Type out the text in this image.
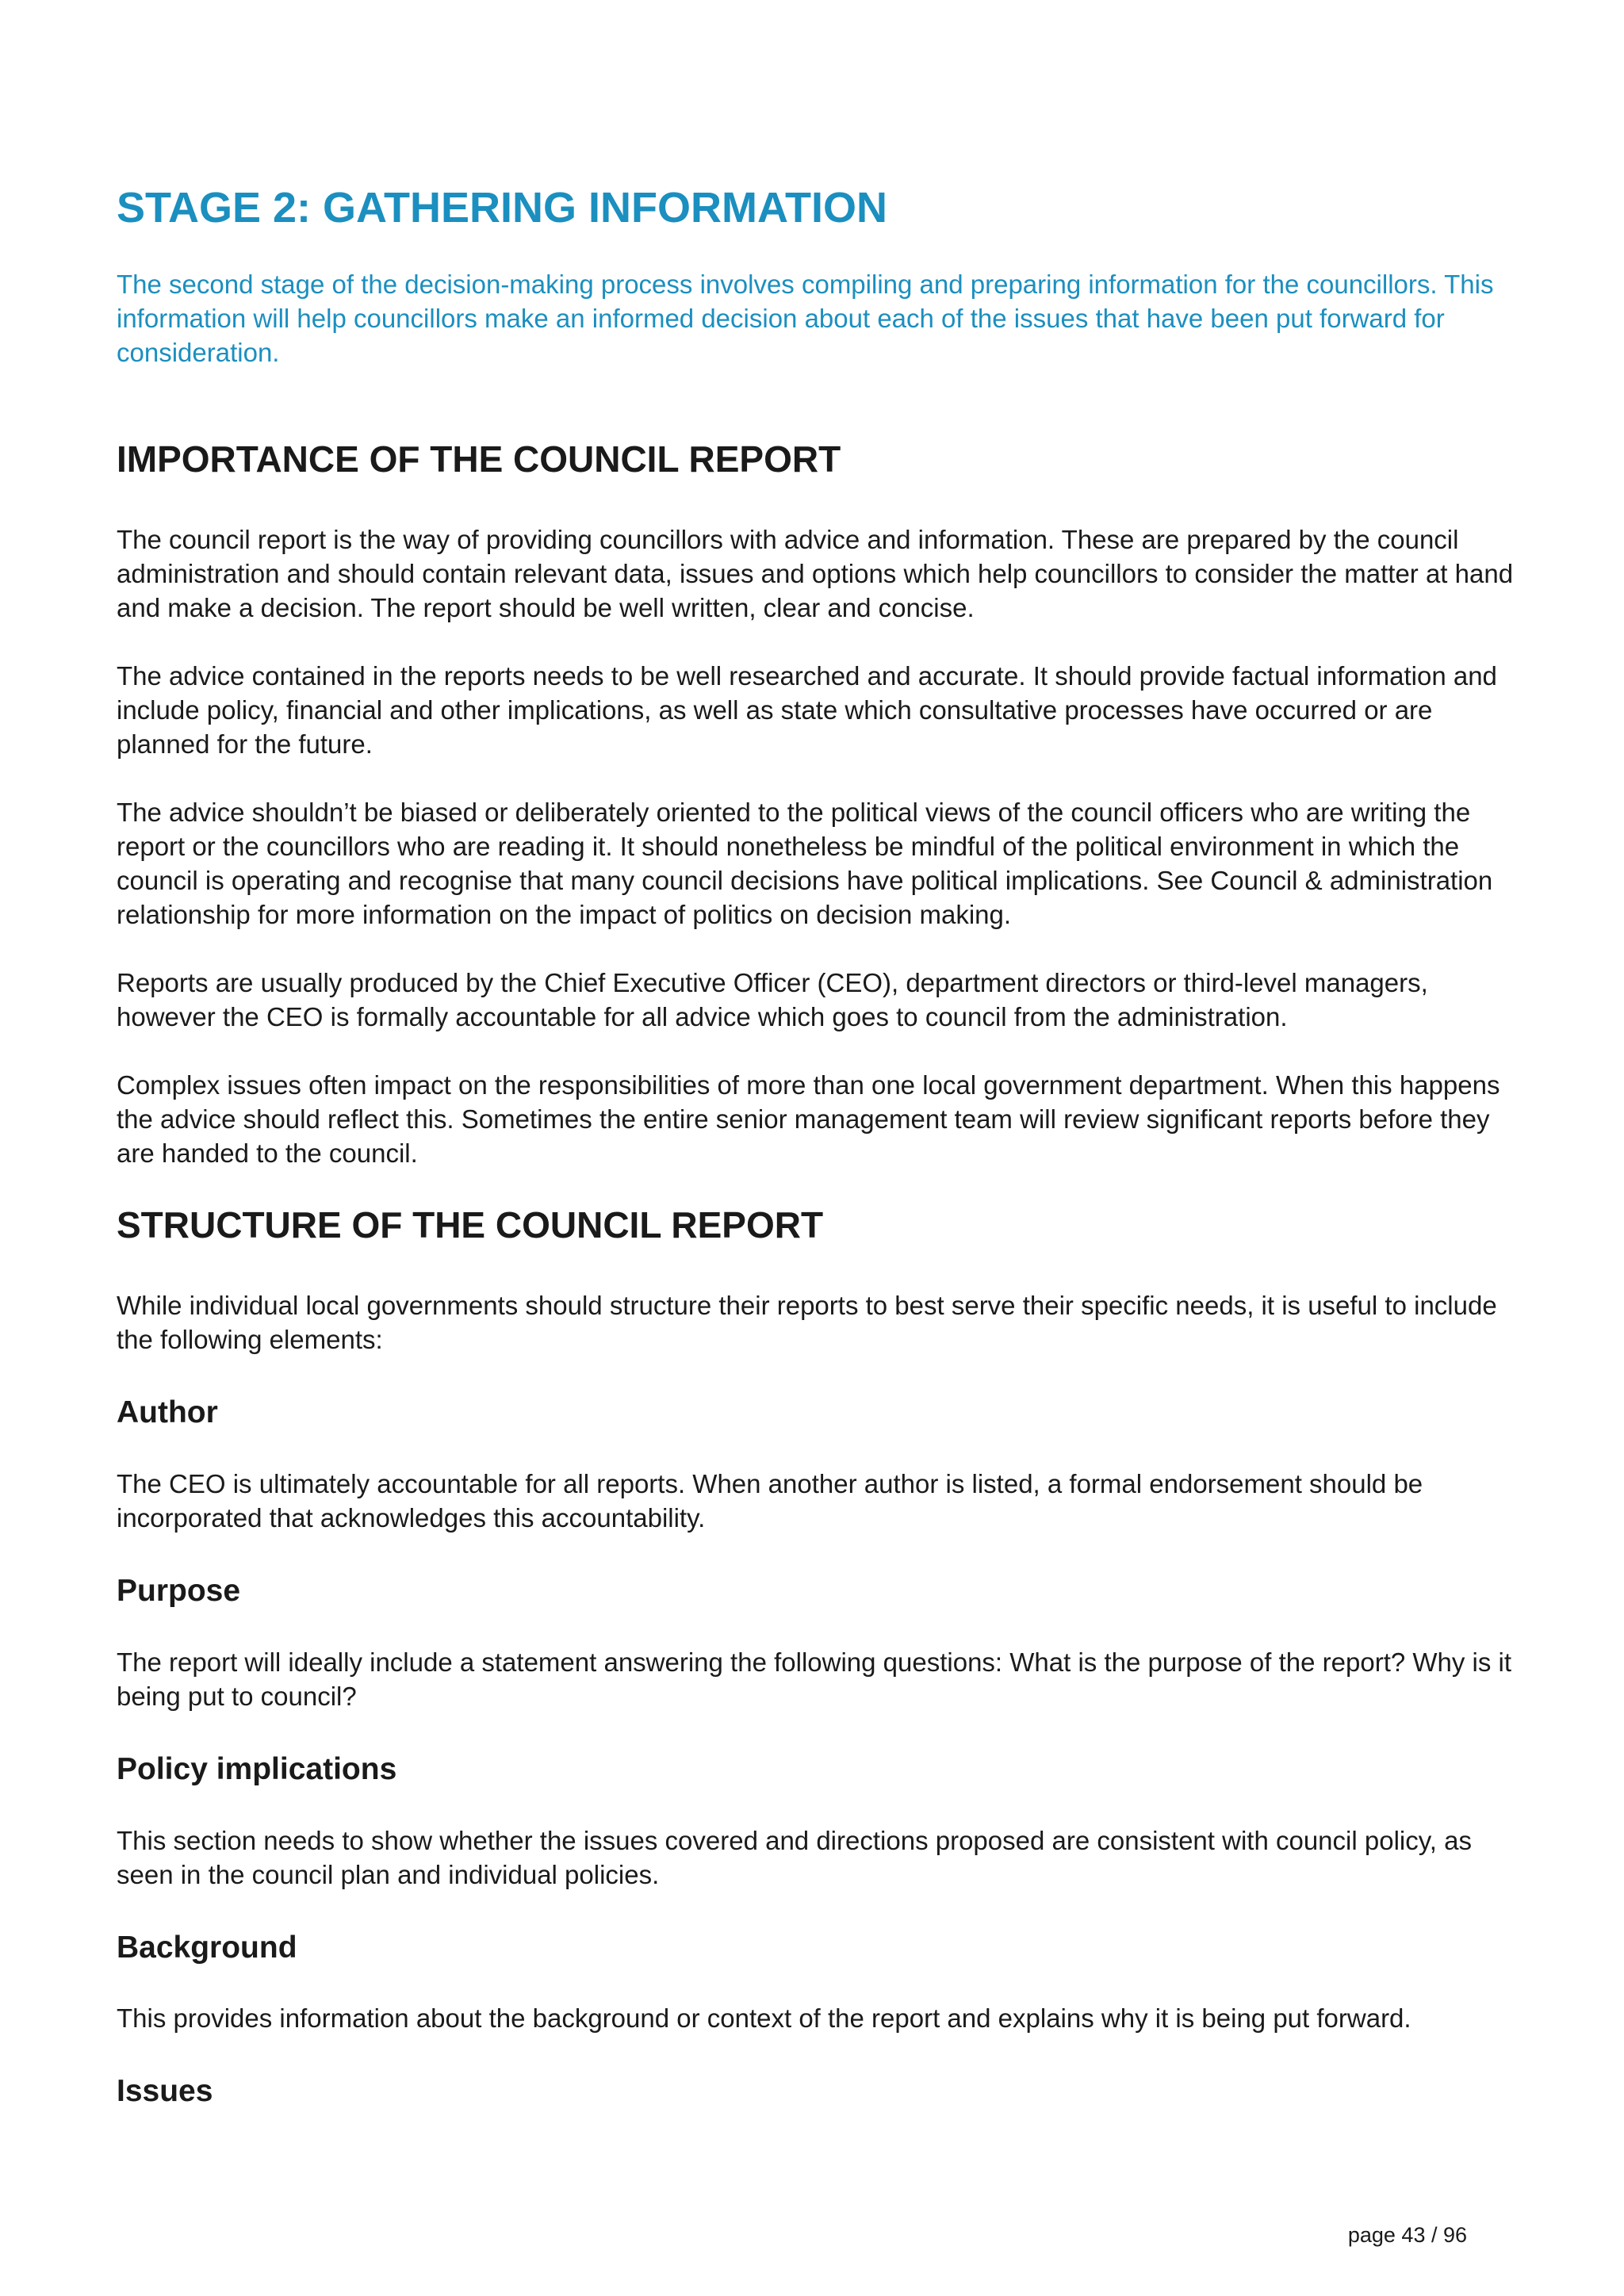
STAGE 2: GATHERING INFORMATION

The second stage of the decision-making process involves compiling and preparing information for the councillors. This information will help councillors make an informed decision about each of the issues that have been put forward for consideration.

IMPORTANCE OF THE COUNCIL REPORT

The council report is the way of providing councillors with advice and information. These are prepared by the council administration and should contain relevant data, issues and options which help councillors to consider the matter at hand and make a decision. The report should be well written, clear and concise.

The advice contained in the reports needs to be well researched and accurate. It should provide factual information and include policy, financial and other implications, as well as state which consultative processes have occurred or are planned for the future.

The advice shouldn’t be biased or deliberately oriented to the political views of the council officers who are writing the report or the councillors who are reading it. It should nonetheless be mindful of the political environment in which the council is operating and recognise that many council decisions have political implications. See Council & administration relationship for more information on the impact of politics on decision making.

Reports are usually produced by the Chief Executive Officer (CEO), department directors or third-level managers, however the CEO is formally accountable for all advice which goes to council from the administration.

Complex issues often impact on the responsibilities of more than one local government department. When this happens the advice should reflect this. Sometimes the entire senior management team will review significant reports before they are handed to the council.

STRUCTURE OF THE COUNCIL REPORT

While individual local governments should structure their reports to best serve their specific needs, it is useful to include the following elements:

Author

The CEO is ultimately accountable for all reports. When another author is listed, a formal endorsement should be incorporated that acknowledges this accountability.

Purpose

The report will ideally include a statement answering the following questions: What is the purpose of the report? Why is it being put to council?

Policy implications

This section needs to show whether the issues covered and directions proposed are consistent with council policy, as seen in the council plan and individual policies.

Background

This provides information about the background or context of the report and explains why it is being put forward.

Issues
page 43 / 96
